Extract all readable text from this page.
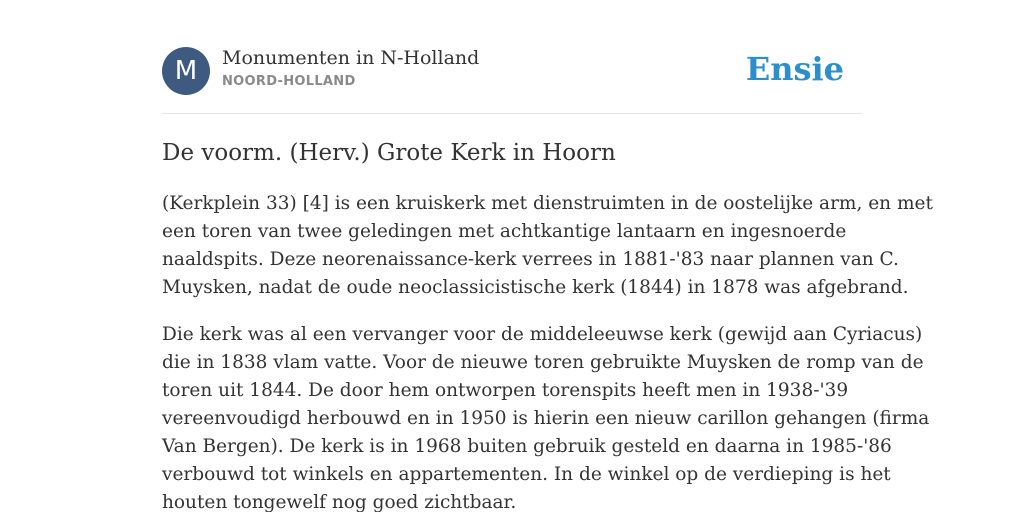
M	Monumenten in N-Holland
NOORD-HOLLAND	Ensie
De voorm. (Herv.) Grote Kerk in Hoorn

(Kerkplein 33) [4] is een kruiskerk met dienstruimten in de oostelijke arm, en met
een toren van twee geledingen met achtkantige lantaarn en ingesnoerde
naaldspits. Deze neorenaissance-kerk verrees in 1881-'83 naar plannen van C.
Muysken, nadat de oude neoclassicistische kerk (1844) in 1878 was afgebrand.

Die kerk was al een vervanger voor de middeleeuwse kerk (gewijd aan Cyriacus)
die in 1838 vlam vatte. Voor de nieuwe toren gebruikte Muysken de romp van de
toren uit 1844. De door hem ontworpen torenspits heeft men in 1938-'39
vereenvoudigd herbouwd en in 1950 is hierin een nieuw carillon gehangen (firma
Van Bergen). De kerk is in 1968 buiten gebruik gesteld en daarna in 1985-'86
verbouwd tot winkels en appartementen. In de winkel op de verdieping is het
houten tongewelf nog goed zichtbaar.
